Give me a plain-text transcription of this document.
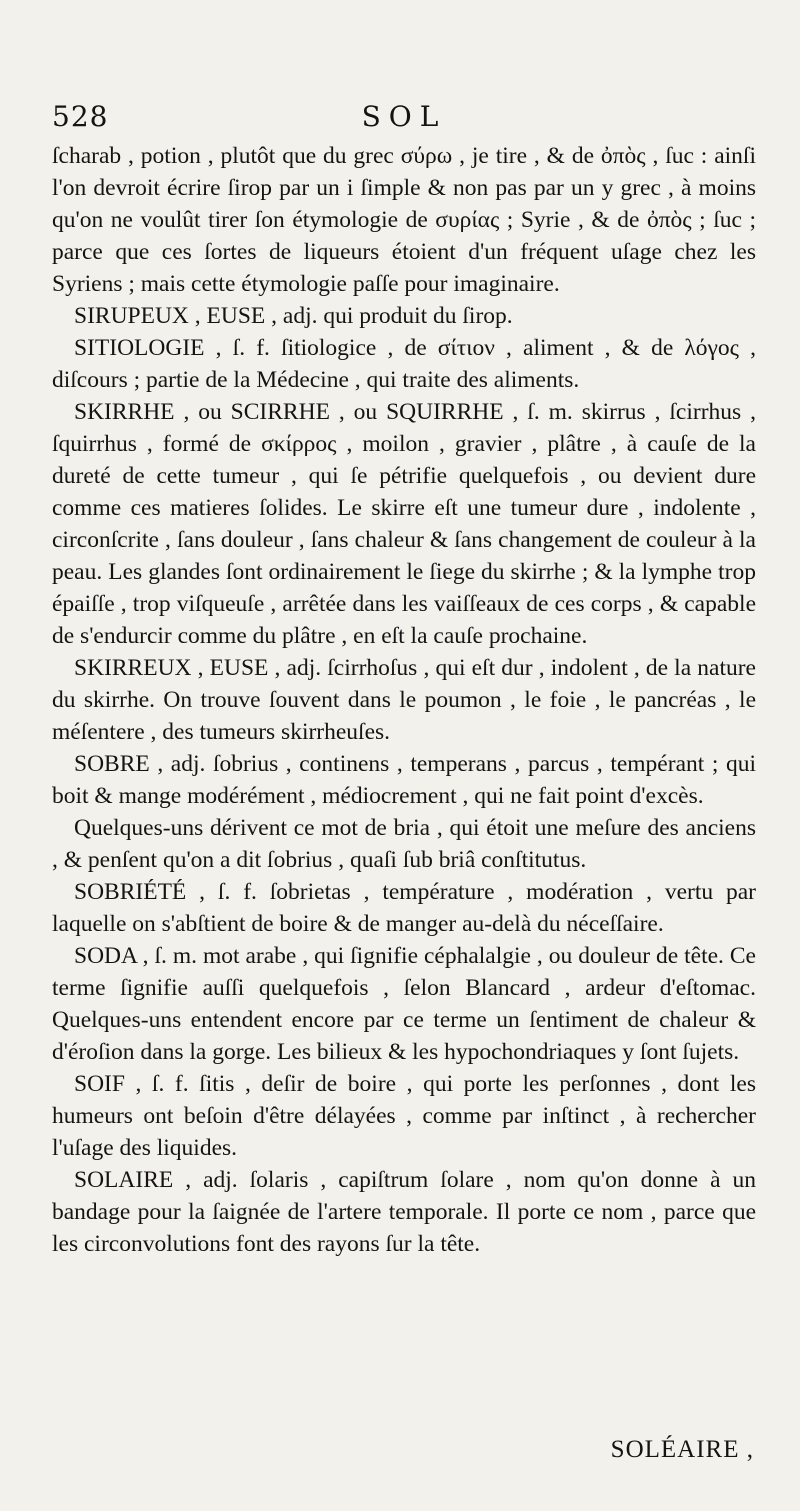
528	SOL

ſcharab , potion , plutôt que du grec σύρω , je tire , & de ὀπὸς , ſuc : ainſi l'on devroit écrire ſirop par un i ſimple & non pas par un y grec , à moins qu'on ne voulût tirer ſon étymologie de συρίας ; Syrie , & de ὀπὸς ; ſuc ; parce que ces ſortes de liqueurs étoient d'un fréquent uſage chez les Syriens ; mais cette étymologie paſſe pour imaginaire.

SIRUPEUX , EUSE , adj. qui produit du ſirop.

SITIOLOGIE , ſ. f. ſitiologice , de σίτιον , aliment , & de λόγος , diſcours ; partie de la Médecine , qui traite des aliments.

SKIRRHE , ou SCIRRHE , ou SQUIRRHE , ſ. m. skirrus , ſcirrhus , ſquirrhus , formé de σκίρρος , moilon , gravier , plâtre , à cauſe de la dureté de cette tumeur , qui ſe pétrifie quelquefois , ou devient dure comme ces matieres ſolides. Le skirre eſt une tumeur dure , indolente , circonſcrite , ſans douleur , ſans chaleur & ſans changement de couleur à la peau. Les glandes ſont ordinairement le ſiege du skirrhe ; & la lymphe trop épaiſſe , trop viſqueuſe , arrêtée dans les vaiſſeaux de ces corps , & capable de s'endurcir comme du plâtre , en eſt la cauſe prochaine.

SKIRREUX , EUSE , adj. ſcirrhoſus , qui eſt dur , indolent , de la nature du skirrhe. On trouve ſouvent dans le poumon , le foie , le pancréas , le méſentere , des tumeurs skirrheuſes.

SOBRE , adj. ſobrius , continens , temperans , parcus , tempérant ; qui boit & mange modérément , médiocrement , qui ne fait point d'excès.

Quelques-uns dérivent ce mot de bria , qui étoit une meſure des anciens , & penſent qu'on a dit ſobrius , quaſi ſub briâ conſtitutus.

SOBRIÉTÉ , ſ. f. ſobrietas , température , modération , vertu par laquelle on s'abſtient de boire & de manger au-delà du néceſſaire.

SODA , ſ. m. mot arabe , qui ſignifie céphalalgie , ou douleur de tête. Ce terme ſignifie auſſi quelquefois , ſelon Blancard , ardeur d'eſtomac. Quelques-uns entendent encore par ce terme un ſentiment de chaleur & d'éroſion dans la gorge. Les bilieux & les hypochondriaques y ſont ſujets.

SOIF , ſ. f. ſitis , deſir de boire , qui porte les perſonnes , dont les humeurs ont beſoin d'être délayées , comme par inſtinct , à rechercher l'uſage des liquides.

SOLAIRE , adj. ſolaris , capiſtrum ſolare , nom qu'on donne à un bandage pour la ſaignée de l'artere temporale. Il porte ce nom , parce que les circonvolutions font des rayons ſur la tête.

SOLÉAIRE ,
